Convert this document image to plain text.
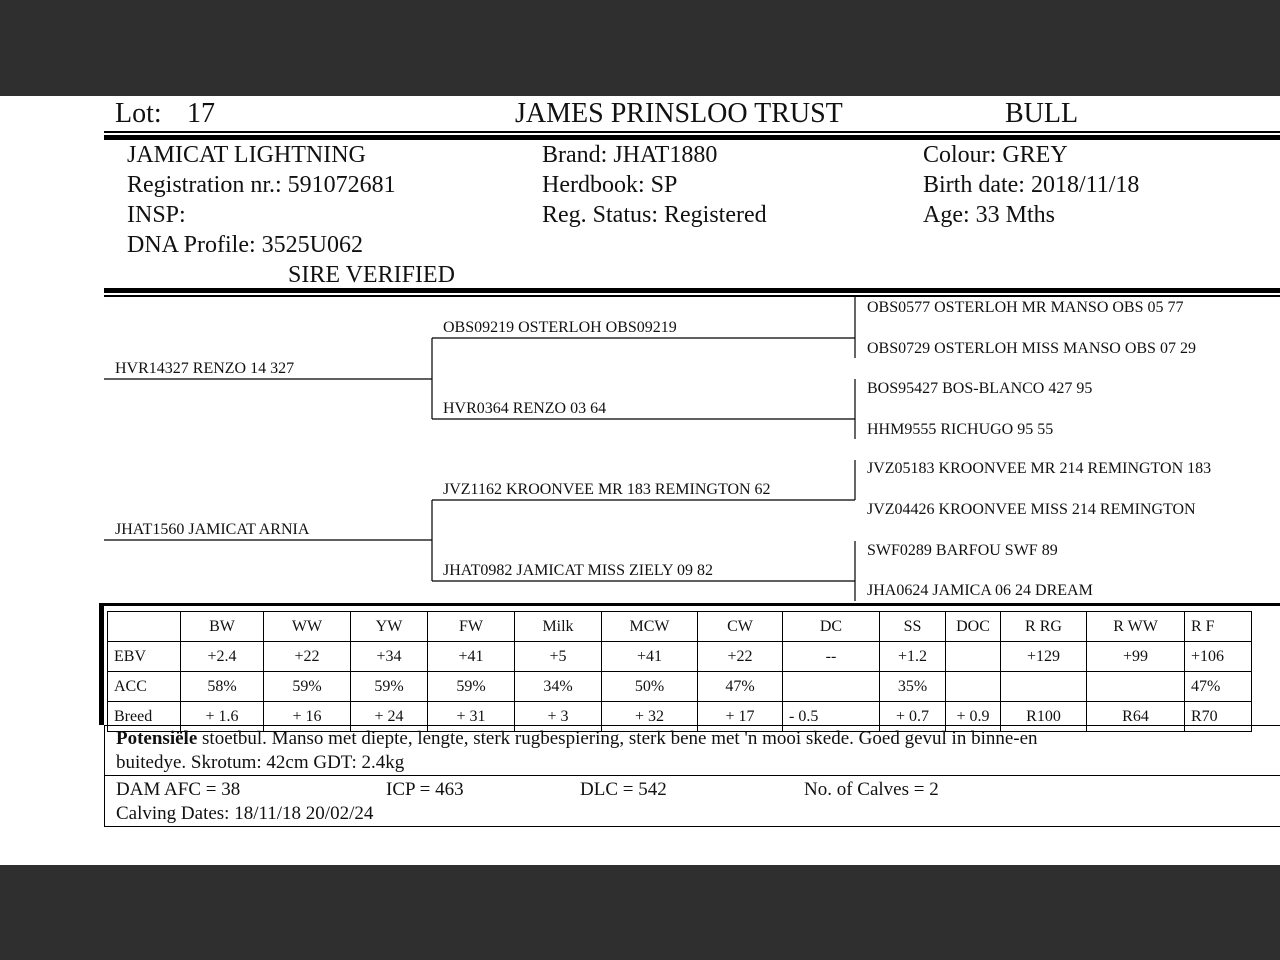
Lot: 17	JAMES PRINSLOO TRUST	BULL
JAMICAT LIGHTNING
Registration nr.: 591072681
INSP:
DNA Profile: 3525U062
SIRE VERIFIED
Brand: JHAT1880
Herdbook: SP
Reg. Status: Registered
Colour: GREY
Birth date: 2018/11/18
Age: 33 Mths
HVR14327 RENZO 14 327
JHAT1560 JAMICAT ARNIA
OBS09219 OSTERLOH OBS09219
HVR0364 RENZO 03 64
JVZ1162 KROONVEE MR 183 REMINGTON 62
JHAT0982 JAMICAT MISS ZIELY 09 82
OBS0577 OSTERLOH MR MANSO OBS 05 77
OBS0729 OSTERLOH MISS MANSO OBS 07 29
BOS95427 BOS-BLANCO 427 95
HHM9555 RICHUGO 95 55
JVZ05183 KROONVEE MR 214 REMINGTON 183
JVZ04426 KROONVEE MISS 214 REMINGTON
SWF0289 BARFOU SWF 89
JHA0624 JAMICA 06 24 DREAM
	BW	WW	YW	FW	Milk	MCW	CW	DC	SS	DOC	R RG	R WW	R F
EBV	+2.4	+22	+34	+41	+5	+41	+22	--	+1.2		+129	+99	+106
ACC	58%	59%	59%	59%	34%	50%	47%		35%				47%
Breed	+ 1.6	+ 16	+ 24	+ 31	+ 3	+ 32	+ 17	- 0.5	+ 0.7	+ 0.9	R100	R64	R70
Potensiële stoetbul. Manso met diepte, lengte, sterk rugbespiering, sterk bene met 'n mooi skede. Goed gevul in binne-en
buitedye. Skrotum: 42cm GDT: 2.4kg
DAM AFC = 38	ICP = 463	DLC = 542	No. of Calves = 2
Calving Dates: 18/11/18 20/02/24
